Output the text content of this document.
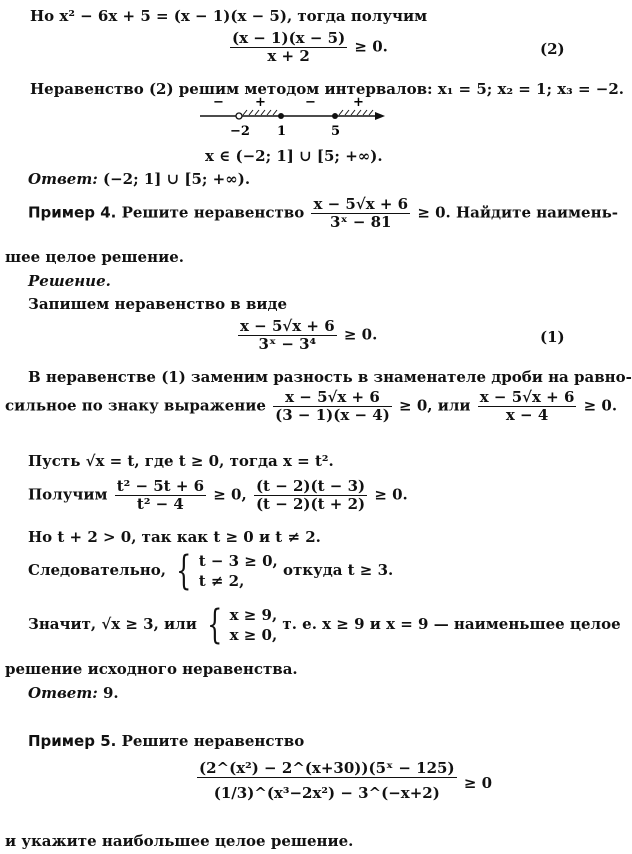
Но x² − 6x + 5 = (x − 1)(x − 5), тогда получим
$\frac{(x - 1)(x - 5)}{x + 2} \ge 0$.	(2)
Неравенство (2) решим методом интервалов: x₁ = 5; x₂ = 1; x₃ = −2.
− +	−	+
−2 1	5
x ∈ (−2; 1] ∪ [5; +∞).
Ответ: (−2; 1] ∪ [5; +∞).
Пример 4. Решите неравенство $\frac{x - 5√x + 6}{\text{3ˣ − 81}} \ge 0$. Найдите наимень-
шее целое решение.
Решение.
Запишем неравенство в виде
$\frac{x - 5√x + 6}{\text{3ˣ − 3⁴}} \ge 0$.	(1)
В неравенстве (1) заменим разность в знаменателе дроби на равно-
сильное по знаку выражение $\frac{x - 5√x + 6}{(3 - 1)(x - 4)} \ge 0$, или $\frac{x - 5√x + 6}{x - 4} \ge 0$.
Пусть √x = t, где t ≥ 0, тогда x = t².
Получим $\frac{\text{t² − 5t + 6}}{\text{t² − 4}} \ge 0$, $\frac{(t - 2)(t - 3)}{(t - 2)(t + 2)} \ge 0$.
Но t + 2 > 0, так как t ≥ 0 и t ≠ 2.
Следовательно, { t − 3 ≥ 0,
t ≠ 2,
откуда t ≥ 3.
Значит, √x ≥ 3, или { x ≥ 9,
x ≥ 0,
т. е. x ≥ 9 и x = 9 — наименьшее целое
решение исходного неравенства.
Ответ: 9.
Пример 5. Решите неравенство
$\frac{\text{(2\textasciicircum{}(x²) − 2\textasciicircum{}(x+30))(5ˣ − 125)}}{\text{(1/3)\textasciicircum{}(x³−2x²) − 3\textasciicircum{}(−x+2)}} \ge 0$
и укажите наибольшее целое решение.
